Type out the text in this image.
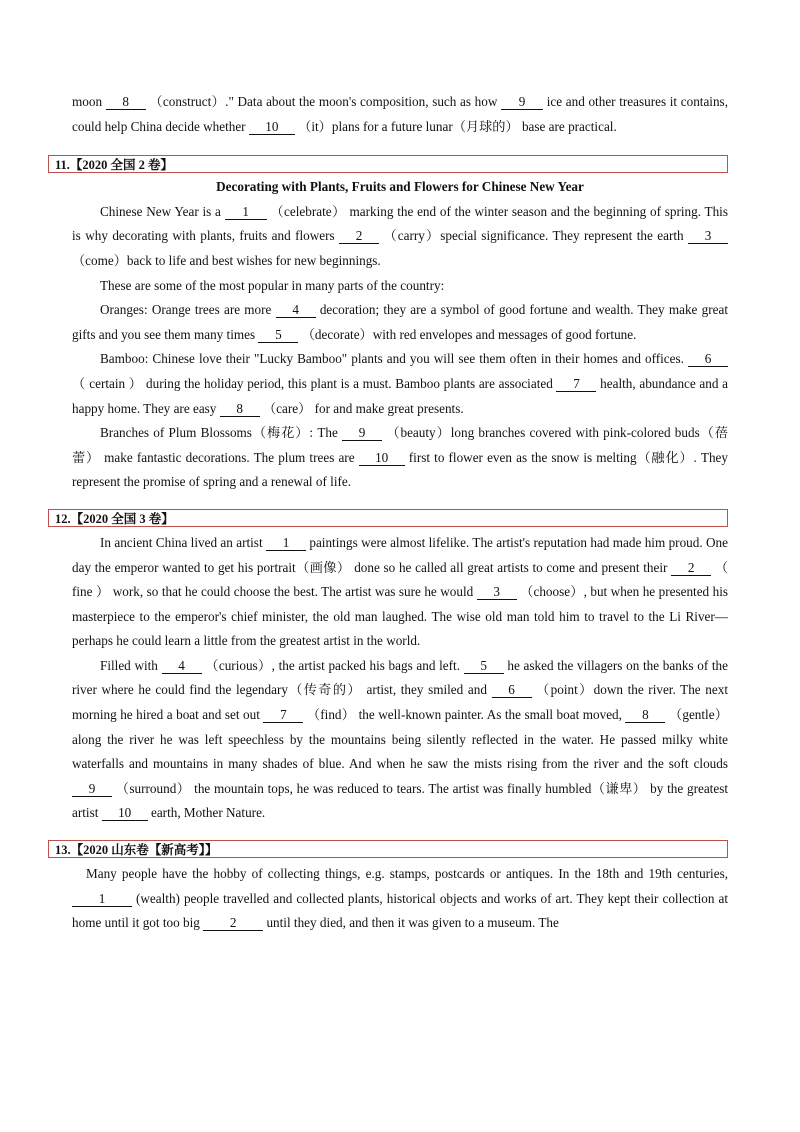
moon 8 （construct）." Data about the moon's composition, such as how 9 ice and other treasures it contains, could help China decide whether 10 （it）plans for a future lunar（月球的） base are practical.

11.【2020 全国 2 卷】
Decorating with Plants, Fruits and Flowers for Chinese New Year

Chinese New Year is a 1 （celebrate） marking the end of the winter season and the beginning of spring. This is why decorating with plants, fruits and flowers 2 （carry）special significance. They represent the earth 3 （come）back to life and best wishes for new beginnings.

These are some of the most popular in many parts of the country:

Oranges: Orange trees are more 4 decoration; they are a symbol of good fortune and wealth. They make great gifts and you see them many times 5 （decorate）with red envelopes and messages of good fortune.

Bamboo: Chinese love their "Lucky Bamboo" plants and you will see them often in their homes and offices. 6 （ certain ） during the holiday period, this plant is a must. Bamboo plants are associated 7 health, abundance and a happy home. They are easy 8 （care） for and make great presents.

Branches of Plum Blossoms（梅花）: The 9 （beauty）long branches covered with pink-colored buds（蓓蕾） make fantastic decorations. The plum trees are 10 first to flower even as the snow is melting（融化）. They represent the promise of spring and a renewal of life.

12.【2020 全国 3 卷】

In ancient China lived an artist 1 paintings were almost lifelike. The artist's reputation had made him proud. One day the emperor wanted to get his portrait（画像） done so he called all great artists to come and present their 2 （ fine ） work, so that he could choose the best. The artist was sure he would 3 （choose）, but when he presented his masterpiece to the emperor's chief minister, the old man laughed. The wise old man told him to travel to the Li River—perhaps he could learn a little from the greatest artist in the world.

Filled with 4 （curious）, the artist packed his bags and left. 5 he asked the villagers on the banks of the river where he could find the legendary（传奇的） artist, they smiled and 6 （point）down the river. The next morning he hired a boat and set out 7 （find） the well-known painter. As the small boat moved, 8 （gentle）along the river he was left speechless by the mountains being silently reflected in the water. He passed milky white waterfalls and mountains in many shades of blue. And when he saw the mists rising from the river and the soft clouds 9 （surround） the mountain tops, he was reduced to tears. The artist was finally humbled（谦卑） by the greatest artist 10 earth, Mother Nature.

13.【2020 山东卷【新高考】】

Many people have the hobby of collecting things, e.g. stamps, postcards or antiques. In the 18th and 19th centuries, 1 (wealth) people travelled and collected plants, historical objects and works of art. They kept their collection at home until it got too big 2 until they died, and then it was given to a museum. The
